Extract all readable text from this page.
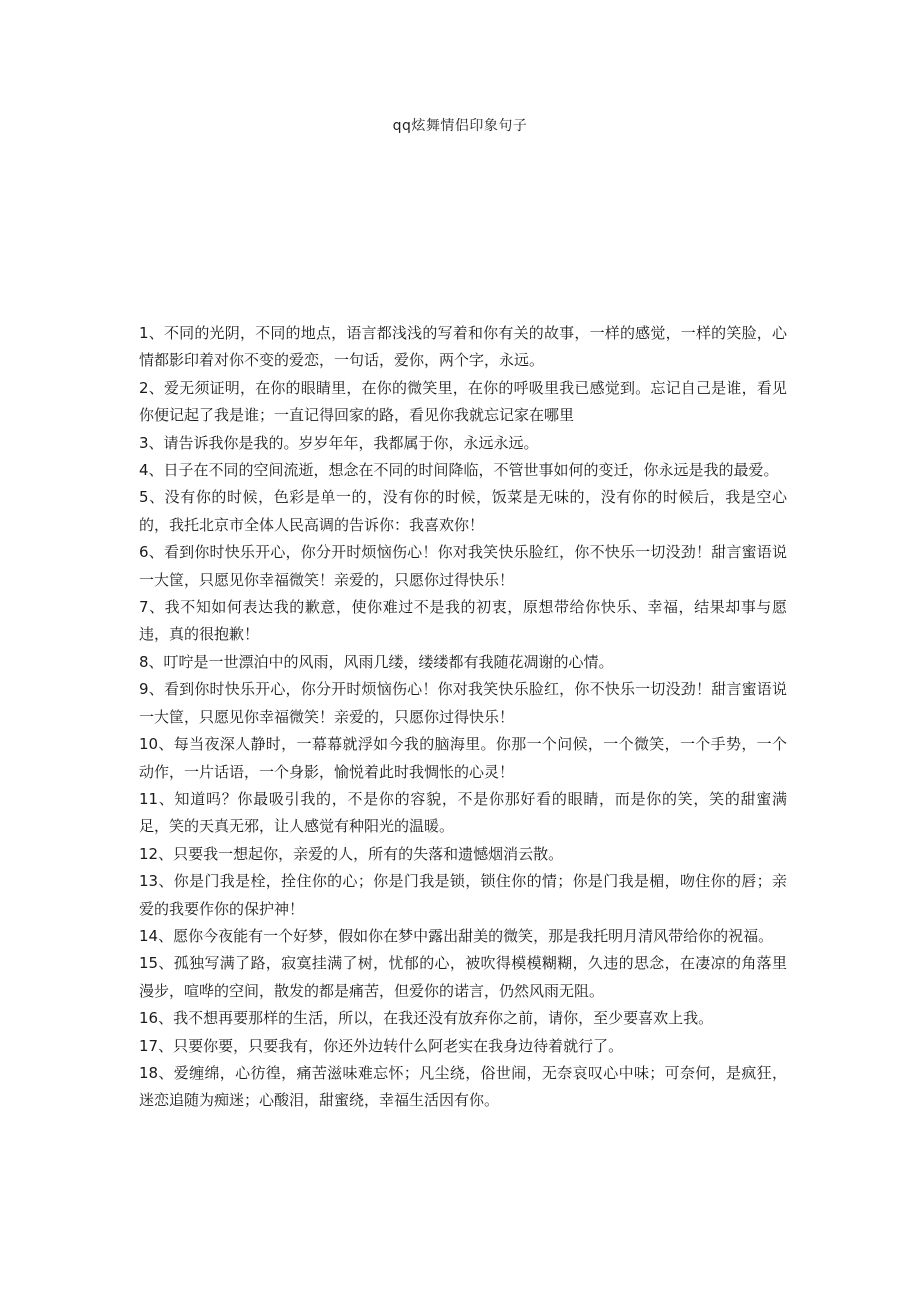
qq炫舞情侣印象句子
1、不同的光阴，不同的地点，语言都浅浅的写着和你有关的故事，一样的感觉，一样的笑脸，心情都影印着对你不变的爱恋，一句话，爱你，两个字，永远。
2、爱无须证明，在你的眼睛里，在你的微笑里，在你的呼吸里我已感觉到。忘记自己是谁，看见你便记起了我是谁；一直记得回家的路，看见你我就忘记家在哪里
3、请告诉我你是我的。岁岁年年，我都属于你，永远永远。
4、日子在不同的空间流逝，想念在不同的时间降临，不管世事如何的变迁，你永远是我的最爱。
5、没有你的时候，色彩是单一的，没有你的时候，饭菜是无味的，没有你的时候后，我是空心的，我托北京市全体人民高调的告诉你：我喜欢你！
6、看到你时快乐开心，你分开时烦恼伤心！你对我笑快乐脸红，你不快乐一切没劲！甜言蜜语说一大筐，只愿见你幸福微笑！亲爱的，只愿你过得快乐！
7、我不知如何表达我的歉意，使你难过不是我的初衷，原想带给你快乐、幸福，结果却事与愿违，真的很抱歉！
8、叮咛是一世漂泊中的风雨，风雨几缕，缕缕都有我随花凋谢的心情。
9、看到你时快乐开心，你分开时烦恼伤心！你对我笑快乐脸红，你不快乐一切没劲！甜言蜜语说一大筐，只愿见你幸福微笑！亲爱的，只愿你过得快乐！
10、每当夜深人静时，一幕幕就浮如今我的脑海里。你那一个问候，一个微笑，一个手势，一个动作，一片话语，一个身影，愉悦着此时我惆怅的心灵！
11、知道吗？你最吸引我的，不是你的容貌，不是你那好看的眼睛，而是你的笑，笑的甜蜜满足，笑的天真无邪，让人感觉有种阳光的温暖。
12、只要我一想起你，亲爱的人，所有的失落和遗憾烟消云散。
13、你是门我是栓，拴住你的心；你是门我是锁，锁住你的情；你是门我是楣，吻住你的唇；亲爱的我要作你的保护神！
14、愿你今夜能有一个好梦，假如你在梦中露出甜美的微笑，那是我托明月清风带给你的祝福。
15、孤独写满了路，寂寞挂满了树，忧郁的心，被吹得模模糊糊，久违的思念，在凄凉的角落里漫步，喧哗的空间，散发的都是痛苦，但爱你的诺言，仍然风雨无阻。
16、我不想再要那样的生活，所以，在我还没有放弃你之前，请你，至少要喜欢上我。
17、只要你要，只要我有，你还外边转什么阿老实在我身边待着就行了。
18、爱缠绵，心彷徨，痛苦滋味难忘怀；凡尘绕，俗世闹，无奈哀叹心中味；可奈何，是疯狂，迷恋追随为痴迷；心酸泪，甜蜜绕，幸福生活因有你。
